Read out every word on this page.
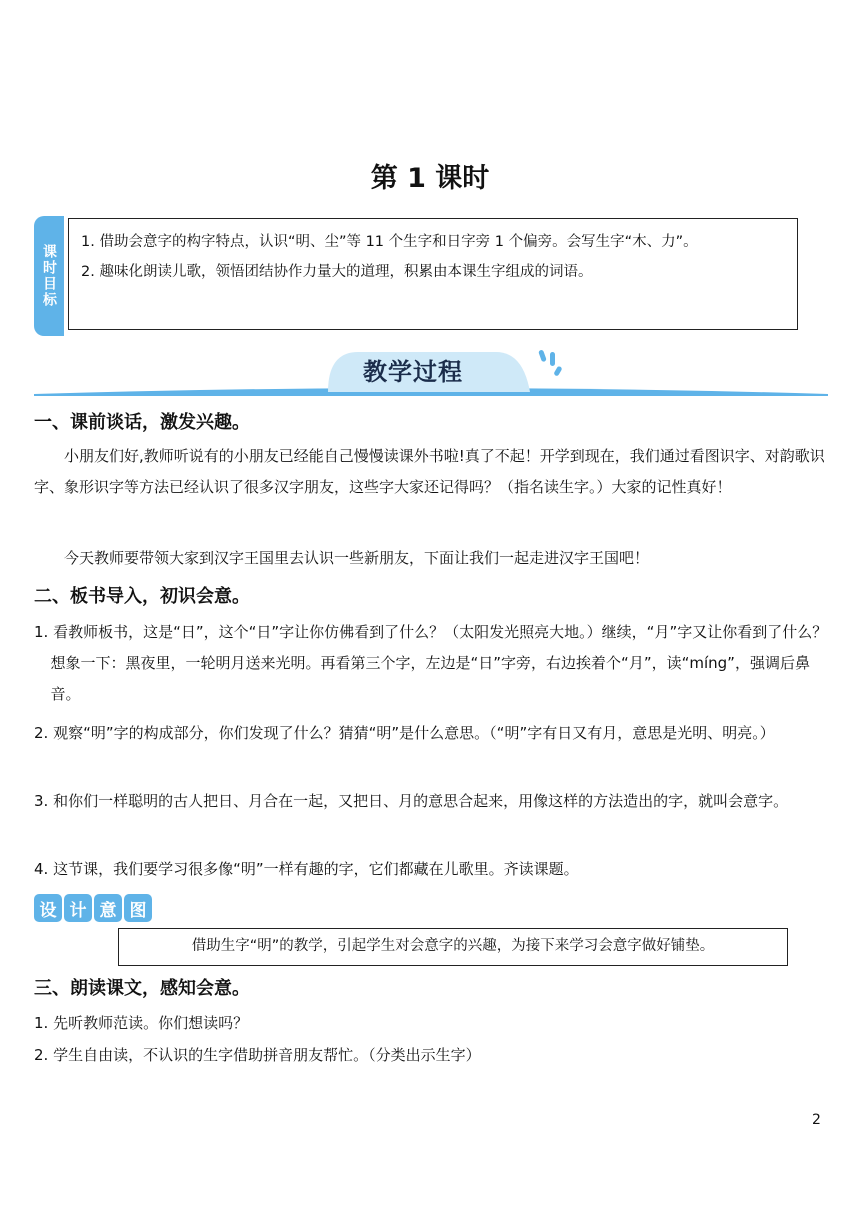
第 1 课时
课时目标
1. 借助会意字的构字特点，认识“明、尘”等 11 个生字和日字旁 1 个偏旁。会写生字“木、力”。
2. 趣味化朗读儿歌，领悟团结协作力量大的道理，积累由本课生字组成的词语。
教学过程
一、课前谈话，激发兴趣。
小朋友们好,教师听说有的小朋友已经能自己慢慢读课外书啦!真了不起！开学到现在，我们通过看图识字、对韵歌识字、象形识字等方法已经认识了很多汉字朋友，这些字大家还记得吗？（指名读生字。）大家的记性真好！
今天教师要带领大家到汉字王国里去认识一些新朋友，下面让我们一起走进汉字王国吧！
二、板书导入，初识会意。
1. 看教师板书，这是“日”，这个“日”字让你仿佛看到了什么？（太阳发光照亮大地。）继续，“月”字又让你看到了什么？想象一下：黑夜里，一轮明月送来光明。再看第三个字，左边是“日”字旁，右边挨着个“月”，读“míng”，强调后鼻音。
2. 观察“明”字的构成部分，你们发现了什么？猜猜“明”是什么意思。（“明”字有日又有月，意思是光明、明亮。）
3. 和你们一样聪明的古人把日、月合在一起，又把日、月的意思合起来，用像这样的方法造出的字，就叫会意字。
4. 这节课，我们要学习很多像“明”一样有趣的字，它们都藏在儿歌里。齐读课题。
设 计 意 图
借助生字“明”的教学，引起学生对会意字的兴趣，为接下来学习会意字做好铺垫。
三、朗读课文，感知会意。
1. 先听教师范读。你们想读吗？
2. 学生自由读，不认识的生字借助拼音朋友帮忙。（分类出示生字）
2
